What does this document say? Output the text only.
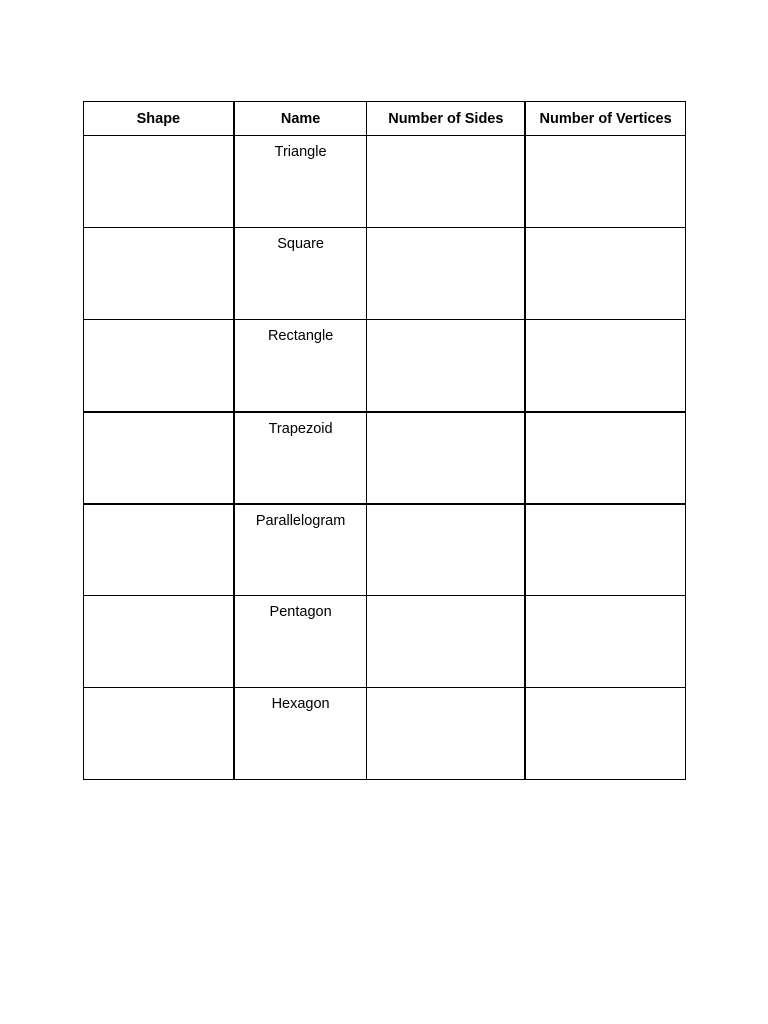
Shape	Name	Number of Sides	Number of Vertices
	Triangle		
	Square		
	Rectangle		
	Trapezoid		
	Parallelogram		
	Pentagon		
	Hexagon		
